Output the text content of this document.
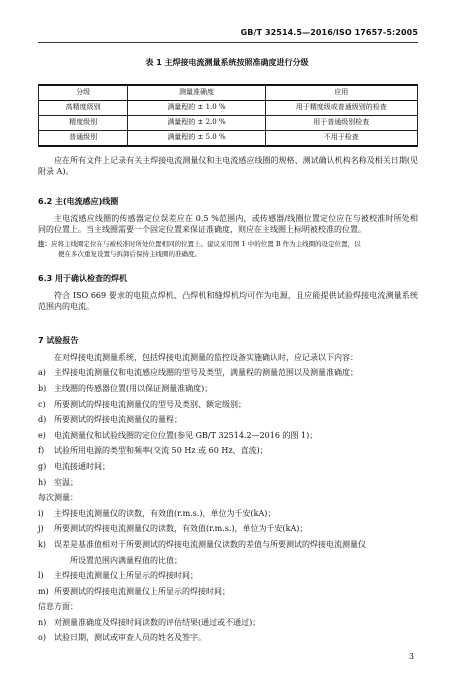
GB/T 32514.5—2016/ISO 17657-5:2005
表 1 主焊接电流测量系统按照准确度进行分级
分级	测量准确度	应用
高精度级别	满量程的 ± 1.0 %	用于精度级或普通级别的检查
精度级别	满量程的 ± 2.0 %	用于普通级别检查
普通级别	满量程的 ± 5.0 %	不用于检查
应在所有文件上记录有关主焊接电流测量仪和主电流感应线圈的规格、测试确认机构名称及相关日期(见附录 A)。
6.2 主(电流感应)线圈
主电流感应线圈的传感器定位误差应在 0.5 %范围内，或传感器/线圈位置定位应在与被校准时所处相同的位置上。当主线圈需要一个固定位置来保证准确度，则应在主线圈上标明被校准的位置。
注：应将主线圈定位在与被校准时所处位置相同的位置上。建议采用图 1 中的位置 B 作为主线圈的设定位置，以
便在多次重复设置与拆卸后保持主线圈的准确度。
6.3 用于确认检查的焊机
符合 ISO 669 要求的电阻点焊机、凸焊机和缝焊机均可作为电源，且应能提供试验焊接电流测量系统范围内的电流。
7 试验报告
在对焊接电流测量系统，包括焊接电流测量的监控设备实施确认时，应记录以下内容：
a)	主焊接电流测量仪和电流感应线圈的型号及类型，满量程的测量范围以及测量准确度；
b) 主线圈的传感器位置(用以保证测量准确度)；
c)	所要测试的焊接电流测量仪的型号及类别、额定级别；
d) 所要测试的焊接电流测量仪的量程；
e)	电流测量仪和试验线圈的定位位置(参见 GB/T 32514.2—2016 的图 1)；
f)	试验所用电源的类型和频率(交流 50 Hz 或 60 Hz、直流)；
g) 电流接通时间；
h) 室温；
每次测量：
i)	主焊接电流测量仪的读数，有效值(r.m.s.)，单位为千安(kA)；
j)	所要测试的焊接电流测量仪的读数，有效值(r.m.s.)，单位为千安(kA)；
k)	误差是基准值相对于所要测试的焊接电流测量仪读数的差值与所要测试的焊接电流测量仪
所设置范围内满量程值的比值；
l)	主焊接电流测量仪上所显示的焊接时间；
m) 所要测试的焊接电流测量仪上所显示的焊接时间；
信息方面：
n) 对测量准确度及焊接时间读数的评估结果(通过或不通过)；
o)	试验日期，测试或审查人员的姓名及签字。
3
